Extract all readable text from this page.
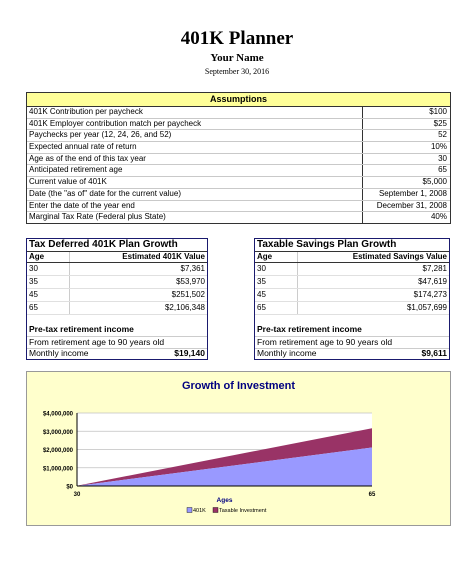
401K Planner
Your Name
September 30, 2016
Assumptions
401K Contribution per paycheck	$100
401K Employer contribution match per paycheck	$25
Paychecks per year (12, 24, 26, and 52)	52
Expected annual rate of return	10%
Age as of the end of this tax year	30
Anticipated retirement age	65
Current value of 401K	$5,000
Date (the "as of" date for the current value)	September 1, 2008
Enter the date of the year end	December 31, 2008
Marginal Tax Rate (Federal plus State)	40%
Tax Deferred 401K Plan Growth
Age	Estimated 401K Value
30	$7,361
35	$53,970
45	$251,502
65	$2,106,348
Pre-tax retirement income
From retirement age to 90 years old
Monthly income	$19,140
Taxable Savings Plan Growth
Age	Estimated Savings Value
30	$7,281
35	$47,619
45	$174,273
65	$1,057,699
Pre-tax retirement income
From retirement age to 90 years old
Monthly income	$9,611
Growth of Investment
$0
$1,000,000
$2,000,000
$3,000,000
$4,000,000
30	65
Ages
401K Taxable Investment
